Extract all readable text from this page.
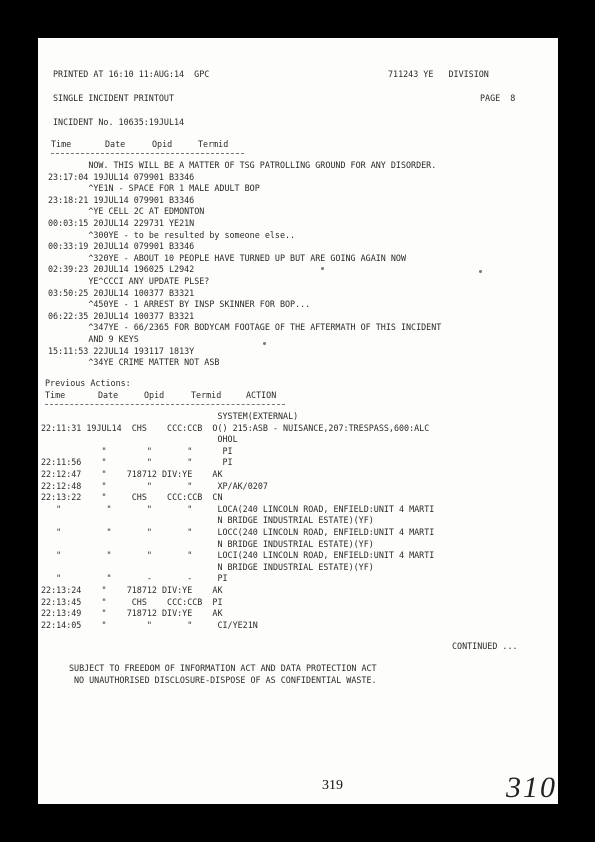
PRINTED AT 16:10 11:AUG:14  GPC	711243 YE   DIVISION
SINGLE INCIDENT PRINTOUT	PAGE  8
INCIDENT No. 10635:19JUL14
Time	Date	Opid	Termid
NOW. THIS WILL BE A MATTER OF TSG PATROLLING GROUND FOR ANY DISORDER.
23:17:04 19JUL14 079901 B3346
^YE1N - SPACE FOR 1 MALE ADULT BOP
23:18:21 19JUL14 079901 B3346
^YE CELL 2C AT EDMONTON
00:03:15 20JUL14 229731 YE21N
^300YE - to be resulted by someone else..
00:33:19 20JUL14 079901 B3346
^320YE - ABOUT 10 PEOPLE HAVE TURNED UP BUT ARE GOING AGAIN NOW
02:39:23 20JUL14 196025 L2942
YE^CCCI ANY UPDATE PLSE?
03:50:25 20JUL14 100377 B3321
^450YE - 1 ARREST BY INSP SKINNER FOR BOP...
06:22:35 20JUL14 100377 B3321
^347YE - 66/2365 FOR BODYCAM FOOTAGE OF THE AFTERMATH OF THIS INCIDENT
AND 9 KEYS
15:11:53 22JUL14 193117 1813Y
^34YE CRIME MATTER NOT ASB
Previous Actions:
Time	Date	Opid	Termid	ACTION
SYSTEM(EXTERNAL)
22:11:31 19JUL14  CHS    CCC:CCB  O() 215:ASB - NUISANCE,207:TRESPASS,600:ALC
OHOL
"        "       "      PI
22:11:56    "        "       "      PI
22:12:47    "    718712 DIV:YE    AK
22:12:48    "        "       "     XP/AK/0207
22:13:22    "     CHS    CCC:CCB  CN
"         "       "       "     LOCA(240 LINCOLN ROAD, ENFIELD:UNIT 4 MARTI
N BRIDGE INDUSTRIAL ESTATE)(YF)
"         "       "       "     LOCC(240 LINCOLN ROAD, ENFIELD:UNIT 4 MARTI
N BRIDGE INDUSTRIAL ESTATE)(YF)
"         "       "       "     LOCI(240 LINCOLN ROAD, ENFIELD:UNIT 4 MARTI
N BRIDGE INDUSTRIAL ESTATE)(YF)
"         "       -       -     PI
22:13:24    "    718712 DIV:YE    AK
22:13:45    "     CHS    CCC:CCB  PI
22:13:49    "    718712 DIV:YE    AK
22:14:05    "        "       "     CI/YE21N
CONTINUED ...
SUBJECT TO FREEDOM OF INFORMATION ACT AND DATA PROTECTION ACT
NO UNAUTHORISED DISCLOSURE-DISPOSE OF AS CONFIDENTIAL WASTE.
319	310
